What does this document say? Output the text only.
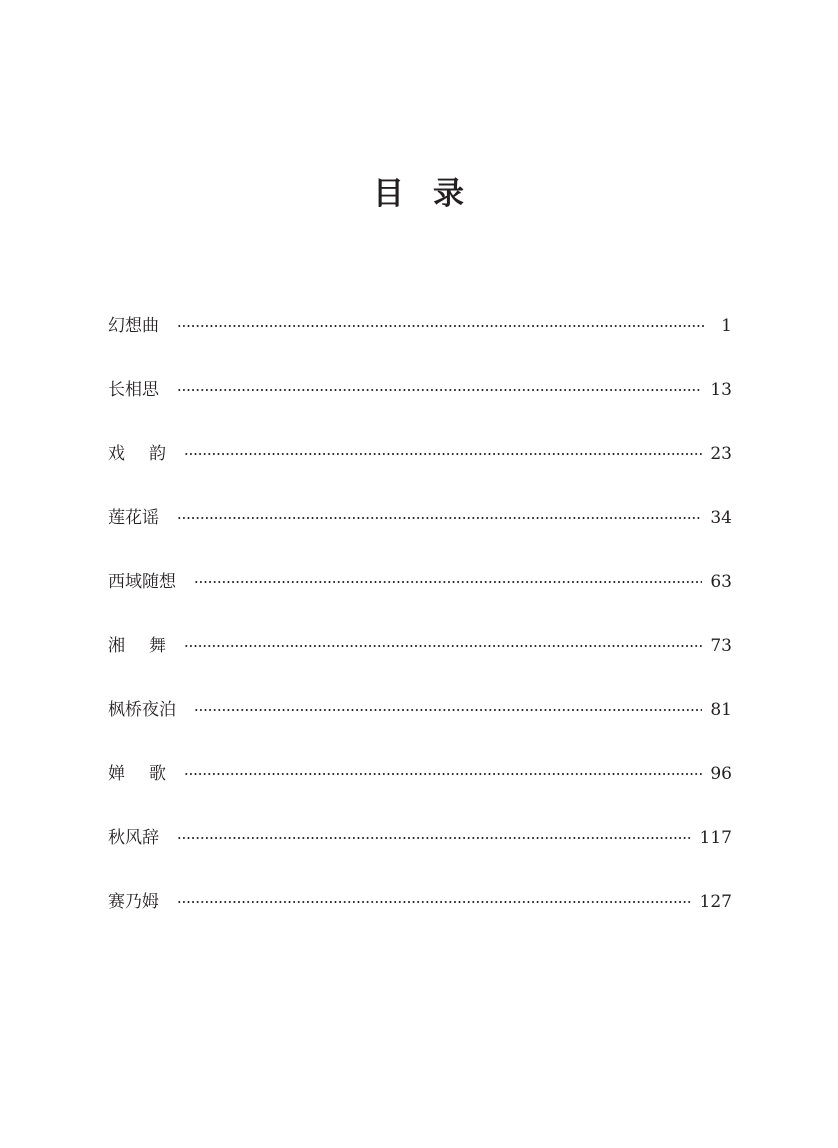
目 录
幻想曲	1
长相思	13
戏 韵	23
莲花谣	34
西域随想	63
湘 舞	73
枫桥夜泊	81
婵 歌	96
秋风辞	117
赛乃姆	127
